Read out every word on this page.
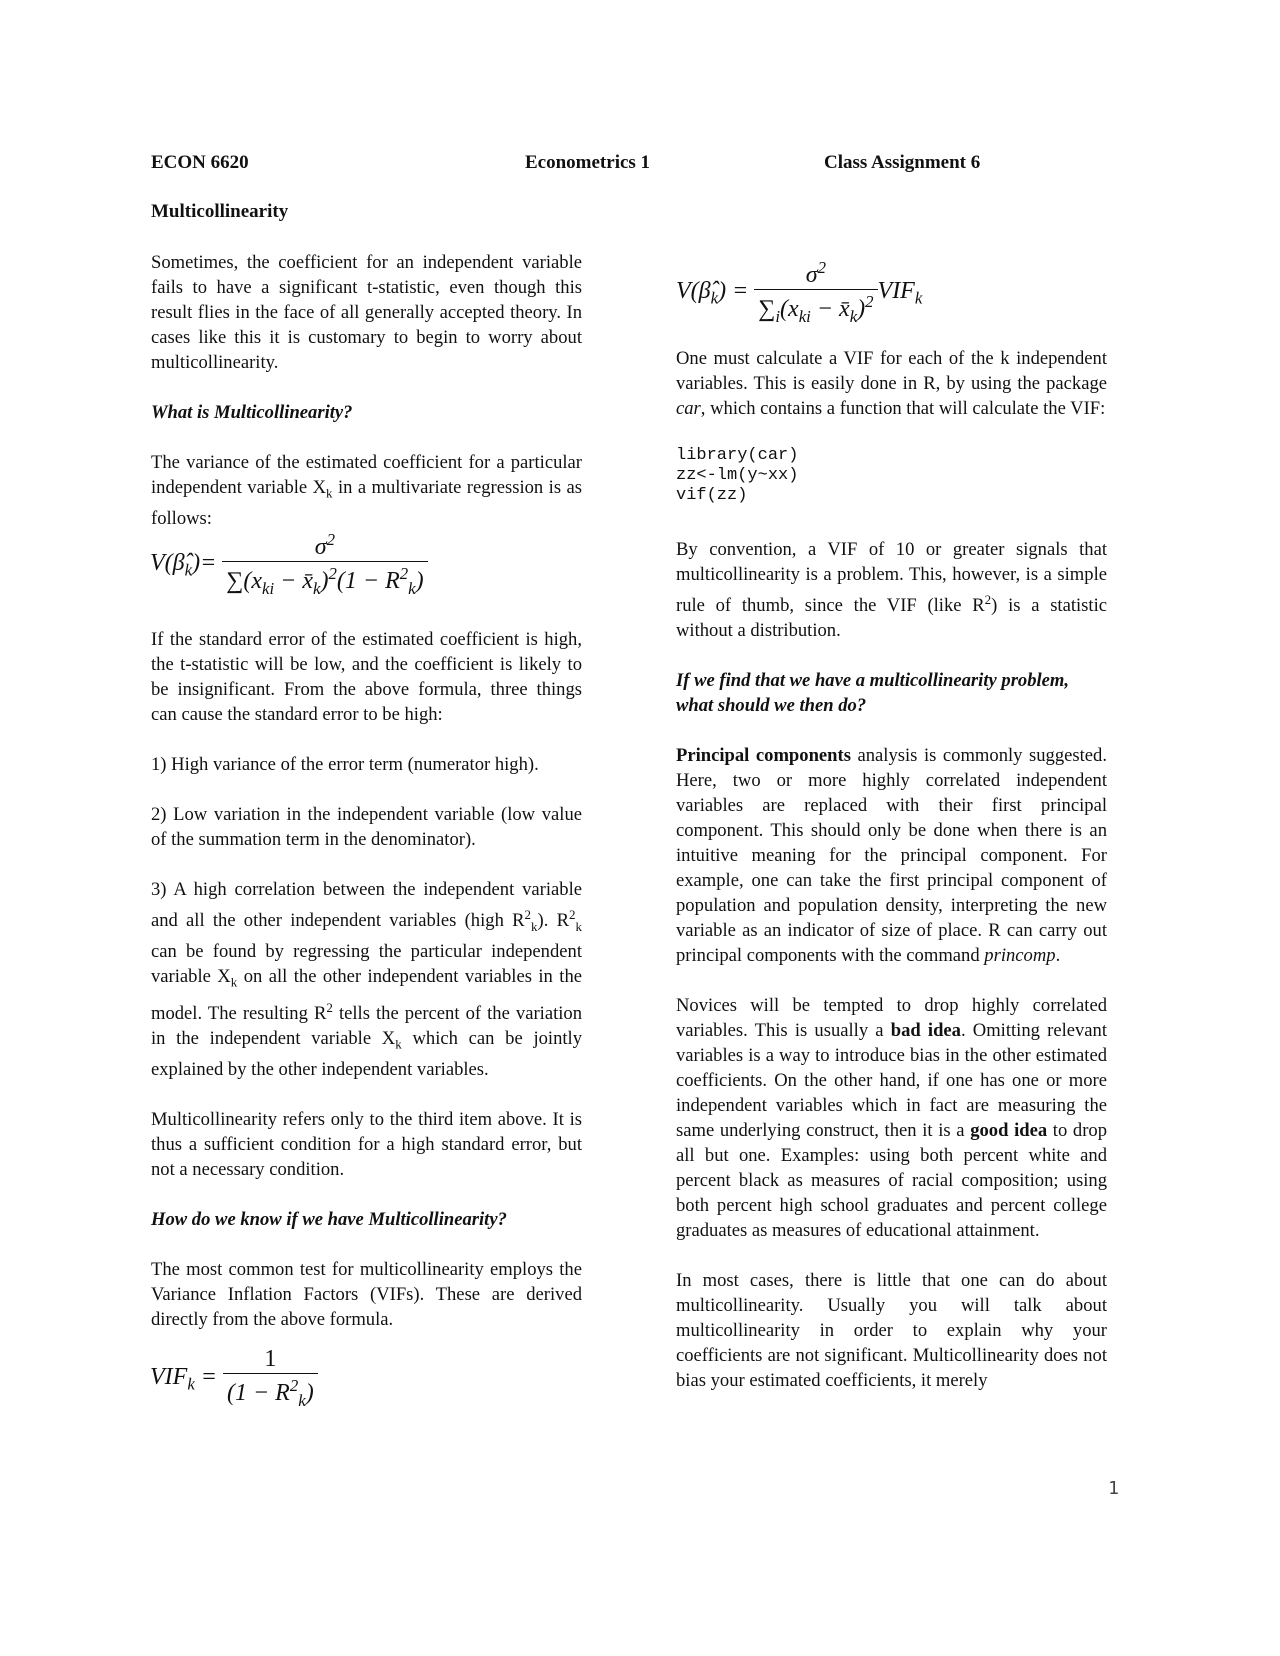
ECON 6620	Econometrics 1	Class Assignment 6
Multicollinearity

Sometimes, the coefficient for an independent variable fails to have a significant t-statistic, even though this result flies in the face of all generally accepted theory. In cases like this it is customary to begin to worry about multicollinearity.

What is Multicollinearity?

The variance of the estimated coefficient for a particular independent variable $X_k$ in a multivariate regression is as follows:

$V(\betâ_k)= \frac{\sigma^2}{\sum(x_{ki} - x̄_k)^2(1 - R^2_k)}$

If the standard error of the estimated coefficient is high, the t-statistic will be low, and the coefficient is likely to be insignificant. From the above formula, three things can cause the standard error to be high:

1) High variance of the error term (numerator high).

2) Low variation in the independent variable (low value of the summation term in the denominator).

3) A high correlation between the independent variable and all the other independent variables (high $R^2_k$). $R^2_k$ can be found by regressing the particular independent variable $X_k$ on all the other independent variables in the model. The resulting $R^2$ tells the percent of the variation in the independent variable $X_k$ which can be jointly explained by the other independent variables.

Multicollinearity refers only to the third item above. It is thus a sufficient condition for a high standard error, but not a necessary condition.

How do we know if we have Multicollinearity?

The most common test for multicollinearity employs the Variance Inflation Factors (VIFs). These are derived directly from the above formula.

$VIF_k = \frac{1}{(1 - R^2_k)}$
$V(\betâ_k) = \frac{\sigma^2}{\sum_i(x_{ki} - x̄_k)^2} VIF_k$

One must calculate a VIF for each of the k independent variables. This is easily done in R, by using the package car, which contains a function that will calculate the VIF:

library(car)

zz<-lm(y~xx)

vif(zz)

By convention, a VIF of 10 or greater signals that multicollinearity is a problem. This, however, is a simple rule of thumb, since the VIF (like $R^2$) is a statistic without a distribution.

If we find that we have a multicollinearity problem, what should we then do?

Principal components analysis is commonly suggested. Here, two or more highly correlated independent variables are replaced with their first principal component. This should only be done when there is an intuitive meaning for the principal component. For example, one can take the first principal component of population and population density, interpreting the new variable as an indicator of size of place. R can carry out principal components with the command princomp.

Novices will be tempted to drop highly correlated variables. This is usually a bad idea. Omitting relevant variables is a way to introduce bias in the other estimated coefficients. On the other hand, if one has one or more independent variables which in fact are measuring the same underlying construct, then it is a good idea to drop all but one. Examples: using both percent white and percent black as measures of racial composition; using both percent high school graduates and percent college graduates as measures of educational attainment.

In most cases, there is little that one can do about multicollinearity. Usually you will talk about multicollinearity in order to explain why your coefficients are not significant. Multicollinearity does not bias your estimated coefficients, it merely

1
